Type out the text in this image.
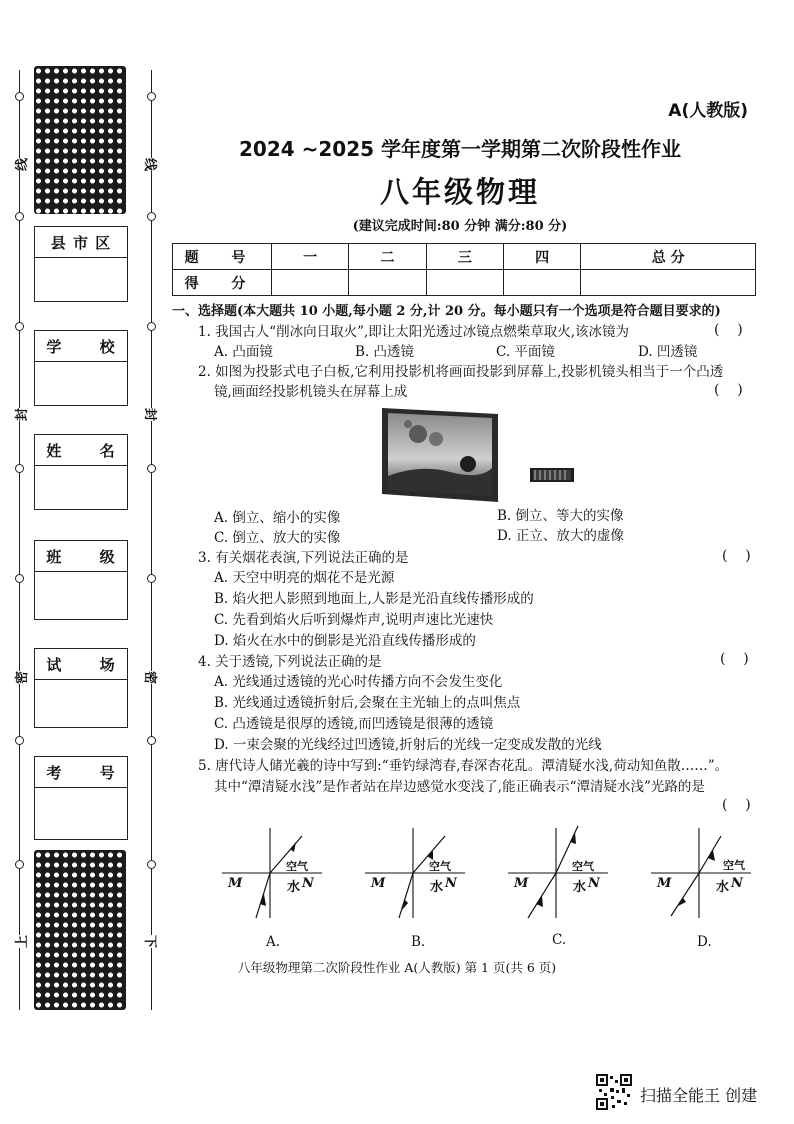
线
封
密
上
线
封
密
下
县 市 区
学      校
姓      名
班      级
试      场
考      号
A(人教版)
2024 ~2025 学年度第一学期第二次阶段性作业
八年级物理
(建议完成时间:80 分钟 满分:80 分)
题 号	一	二	三	四	总 分
得 分					
一、选择题(本大题共 10 小题,每小题 2 分,计 20 分。每小题只有一个选项是符合题目要求的)
1. 我国古人“削冰向日取火”,即让太阳光透过冰镜点燃柴草取火,该冰镜为	(    )
A. 凸面镜	B. 凸透镜	C. 平面镜	D. 凹透镜
2. 如图为投影式电子白板,它利用投影机将画面投影到屏幕上,投影机镜头相当于一个凸透
镜,画面经投影机镜头在屏幕上成	(    )
A. 倒立、缩小的实像	B. 倒立、等大的实像
C. 倒立、放大的实像	D. 正立、放大的虚像
3. 有关烟花表演,下列说法正确的是	(    )
A. 天空中明亮的烟花不是光源
B. 焰火把人影照到地面上,人影是光沿直线传播形成的
C. 先看到焰火后听到爆炸声,说明声速比光速快
D. 焰火在水中的倒影是光沿直线传播形成的
4. 关于透镜,下列说法正确的是	(    )
A. 光线通过透镜的光心时传播方向不会发生变化
B. 光线通过透镜折射后,会聚在主光轴上的点叫焦点
C. 凸透镜是很厚的透镜,而凹透镜是很薄的透镜
D. 一束会聚的光线经过凹透镜,折射后的光线一定变成发散的光线
5. 唐代诗人储光羲的诗中写到:“垂钓绿湾春,春深杏花乱。潭清疑水浅,荷动知鱼散……”。
其中“潭清疑水浅”是作者站在岸边感觉水变浅了,能正确表示“潭清疑水浅”光路的是
(    )
M
空气
水 N	M
空气
水 N	M
空气
水 N	M
空气
水 N
A.	B.	C.	D.
八年级物理第二次阶段性作业 A(人教版) 第 1 页(共 6 页)
扫描全能王 创建
